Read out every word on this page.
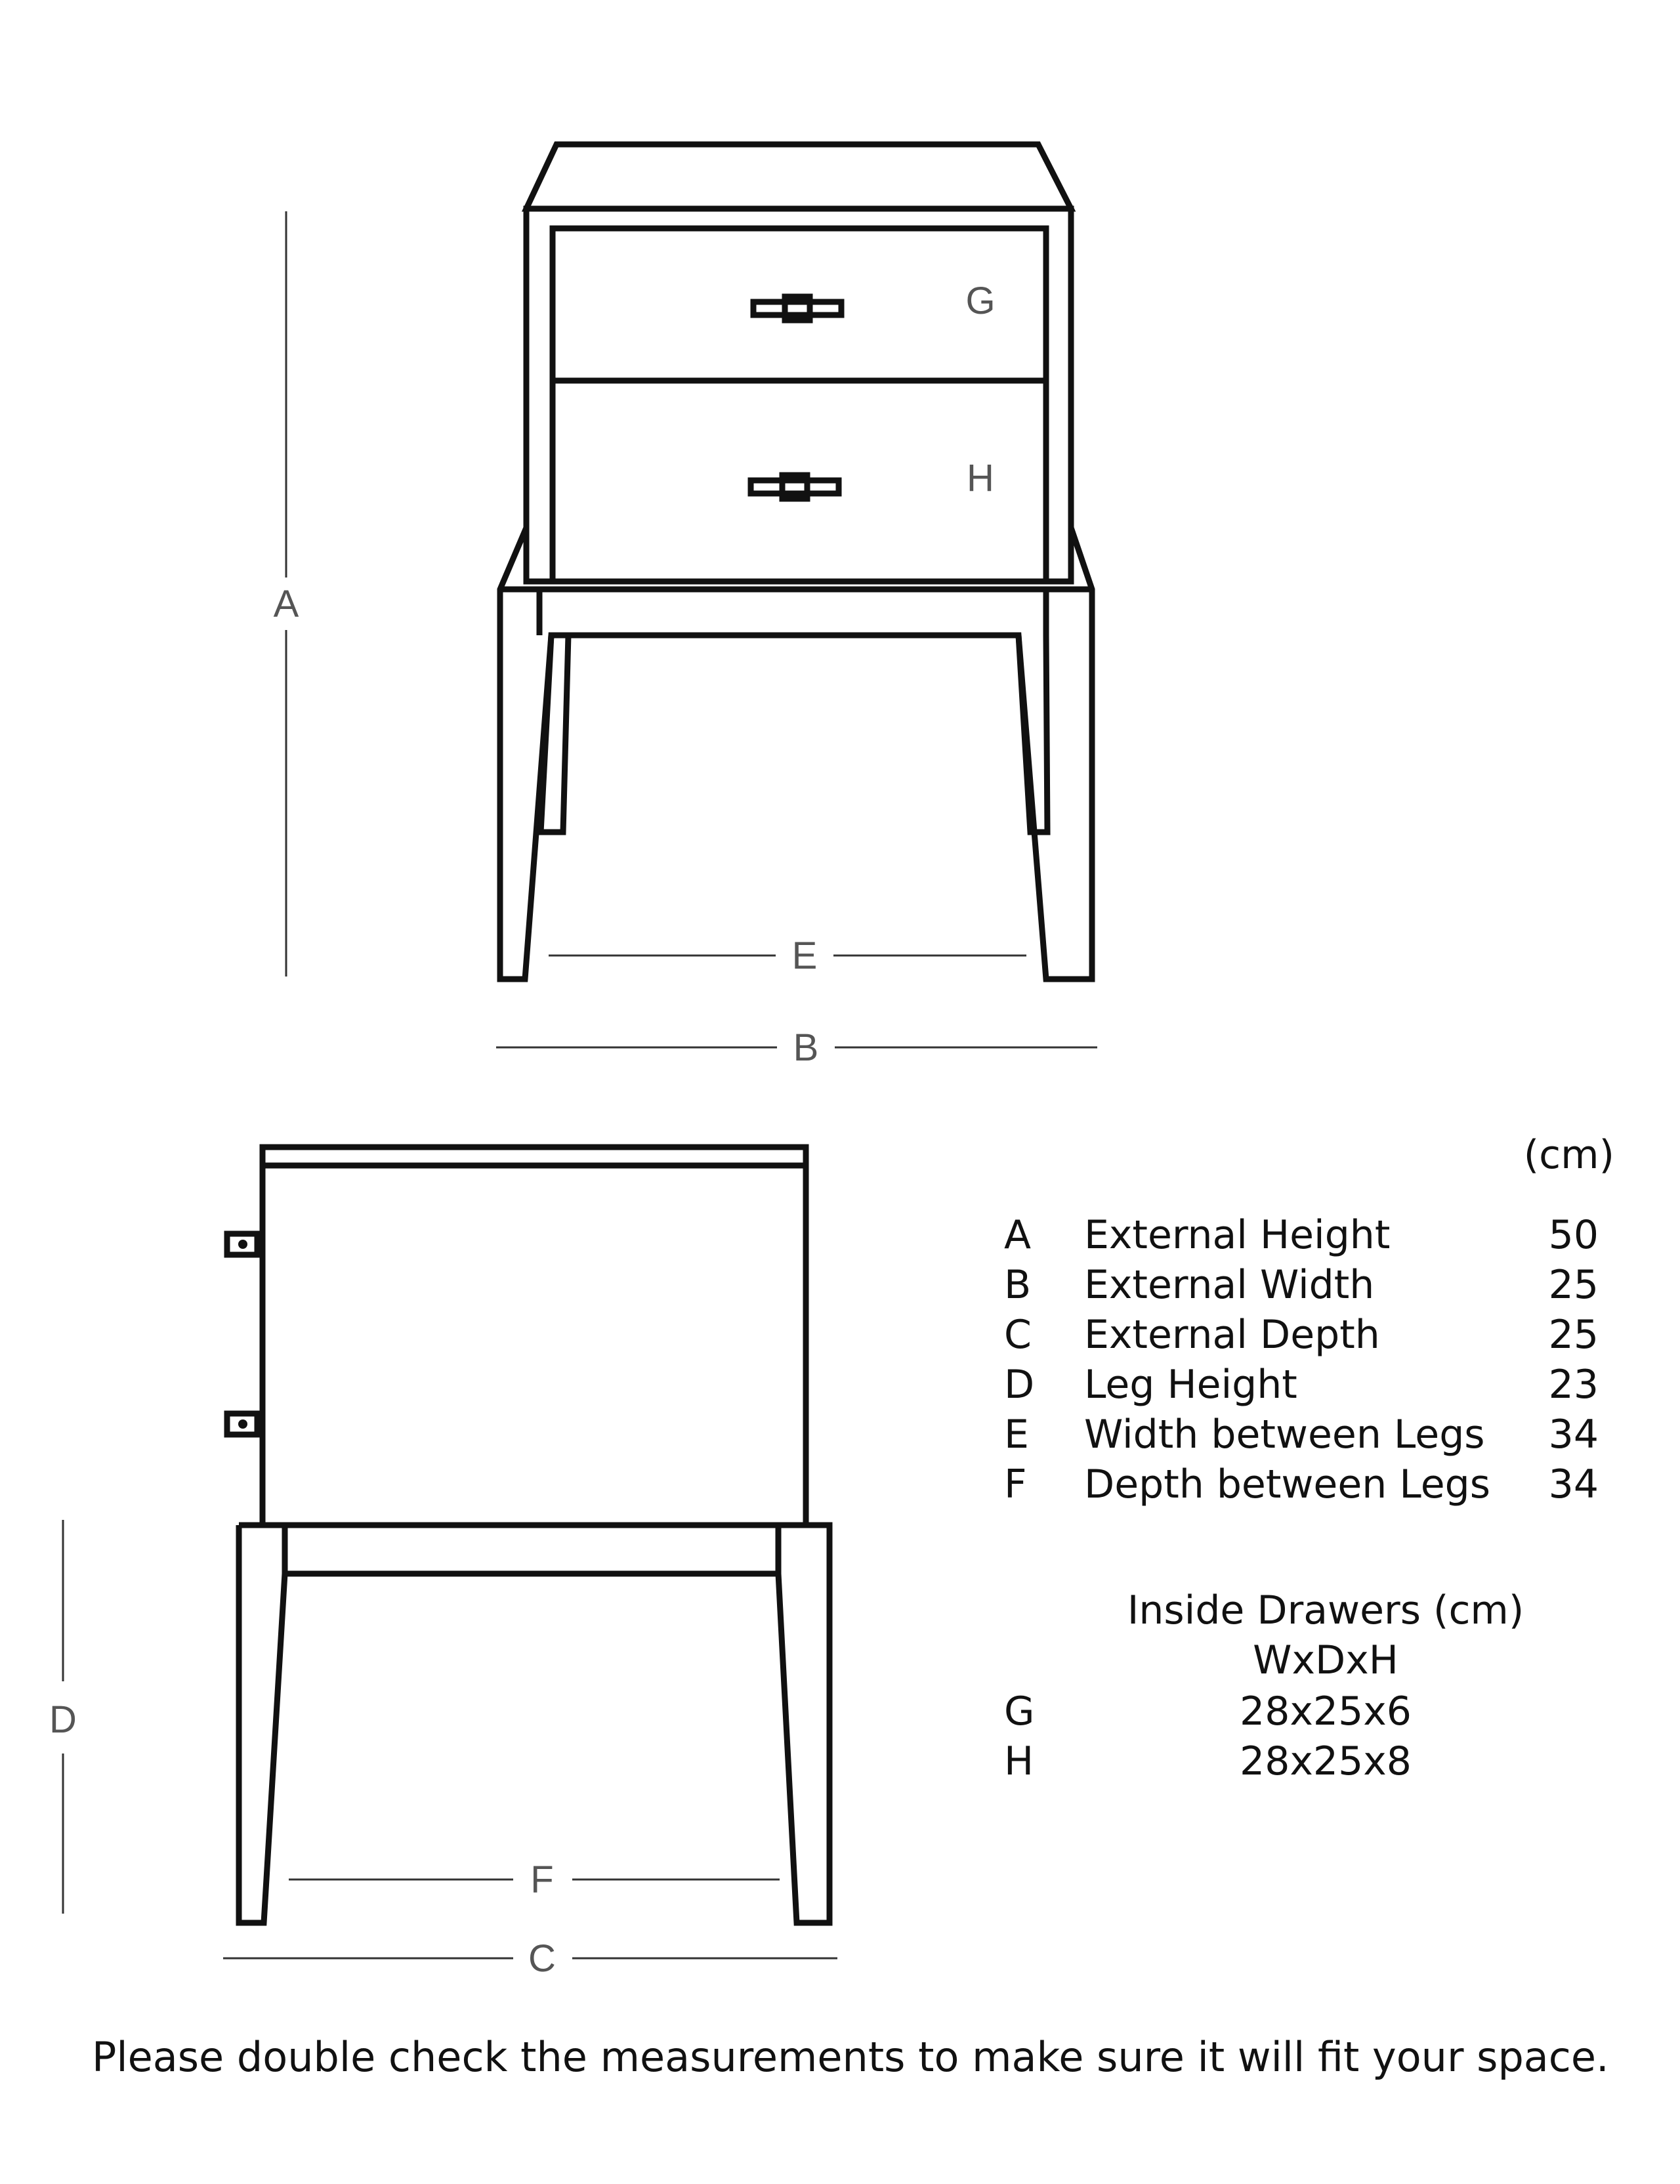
A
E
B
G
H
D
F
C
(cm)
A External Height	50
B External Width	25
C External Depth	25
D Leg Height	23
E Width between Legs	34
F Depth between Legs	34
Inside Drawers (cm)
WxDxH
G	28x25x6
H	28x25x8
Please double check the measurements to make sure it will fit your space.
